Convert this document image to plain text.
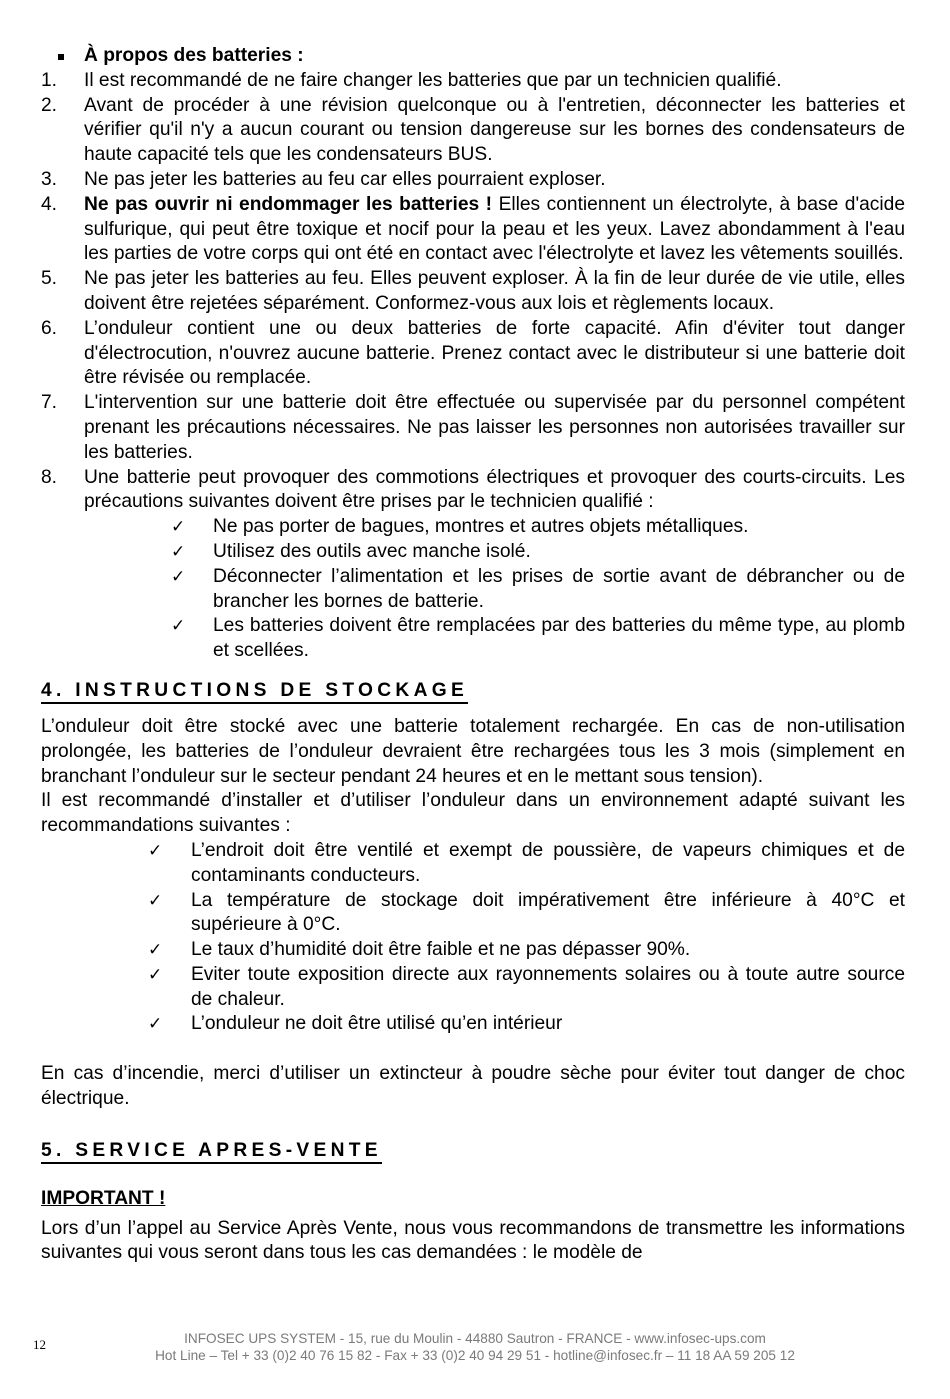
À propos des batteries :
1. Il est recommandé de ne faire changer les batteries que par un technicien qualifié.
2. Avant de procéder à une révision quelconque ou à l'entretien, déconnecter les batteries et vérifier qu'il n'y a aucun courant ou tension dangereuse sur les bornes des condensateurs de haute capacité tels que les condensateurs BUS.
3. Ne pas jeter les batteries au feu car elles pourraient exploser.
4. Ne pas ouvrir ni endommager les batteries ! Elles contiennent un électrolyte, à base d'acide sulfurique, qui peut être toxique et nocif pour la peau et les yeux. Lavez abondamment à l'eau les parties de votre corps qui ont été en contact avec l'électrolyte et lavez les vêtements souillés.
5. Ne pas jeter les batteries au feu. Elles peuvent exploser. À la fin de leur durée de vie utile, elles doivent être rejetées séparément. Conformez-vous aux lois et règlements locaux.
6. L’onduleur contient une ou deux batteries de forte capacité. Afin d'éviter tout danger d'électrocution, n'ouvrez aucune batterie. Prenez contact avec le distributeur si une batterie doit être révisée ou remplacée.
7. L'intervention sur une batterie doit être effectuée ou supervisée par du personnel compétent prenant les précautions nécessaires. Ne pas laisser les personnes non autorisées travailler sur les batteries.
8. Une batterie peut provoquer des commotions électriques et provoquer des courts-circuits. Les précautions suivantes doivent être prises par le technicien qualifié :
✓ Ne pas porter de bagues, montres et autres objets métalliques.
✓ Utilisez des outils avec manche isolé.
✓ Déconnecter l’alimentation et les prises de sortie avant de débrancher ou de brancher les bornes de batterie.
✓ Les batteries doivent être remplacées par des batteries du même type, au plomb et scellées.
4. INSTRUCTIONS DE STOCKAGE

L’onduleur doit être stocké avec une batterie totalement rechargée. En cas de non-utilisation prolongée, les batteries de l’onduleur devraient être rechargées tous les 3 mois (simplement en branchant l’onduleur sur le secteur pendant 24 heures et en le mettant sous tension).

Il est recommandé d’installer et d’utiliser l’onduleur dans un environnement adapté suivant les recommandations suivantes :

✓ L’endroit doit être ventilé et exempt de poussière, de vapeurs chimiques et de contaminants conducteurs.
✓ La température de stockage doit impérativement être inférieure à 40°C et supérieure à 0°C.
✓ Le taux d’humidité doit être faible et ne pas dépasser 90%.
✓ Eviter toute exposition directe aux rayonnements solaires ou à toute autre source de chaleur.
✓ L’onduleur ne doit être utilisé qu’en intérieur

En cas d’incendie, merci d’utiliser un extincteur à poudre sèche pour éviter tout danger de choc électrique.

5. SERVICE APRES-VENTE
IMPORTANT !

Lors d’un l’appel au Service Après Vente, nous vous recommandons de transmettre les informations suivantes qui vous seront dans tous les cas demandées : le modèle de

12	INFOSEC UPS SYSTEM - 15, rue du Moulin - 44880 Sautron - FRANCE - www.infosec-ups.com
Hot Line – Tel + 33 (0)2 40 76 15 82 - Fax + 33 (0)2 40 94 29 51 - hotline@infosec.fr – 11 18 AA 59 205 12
